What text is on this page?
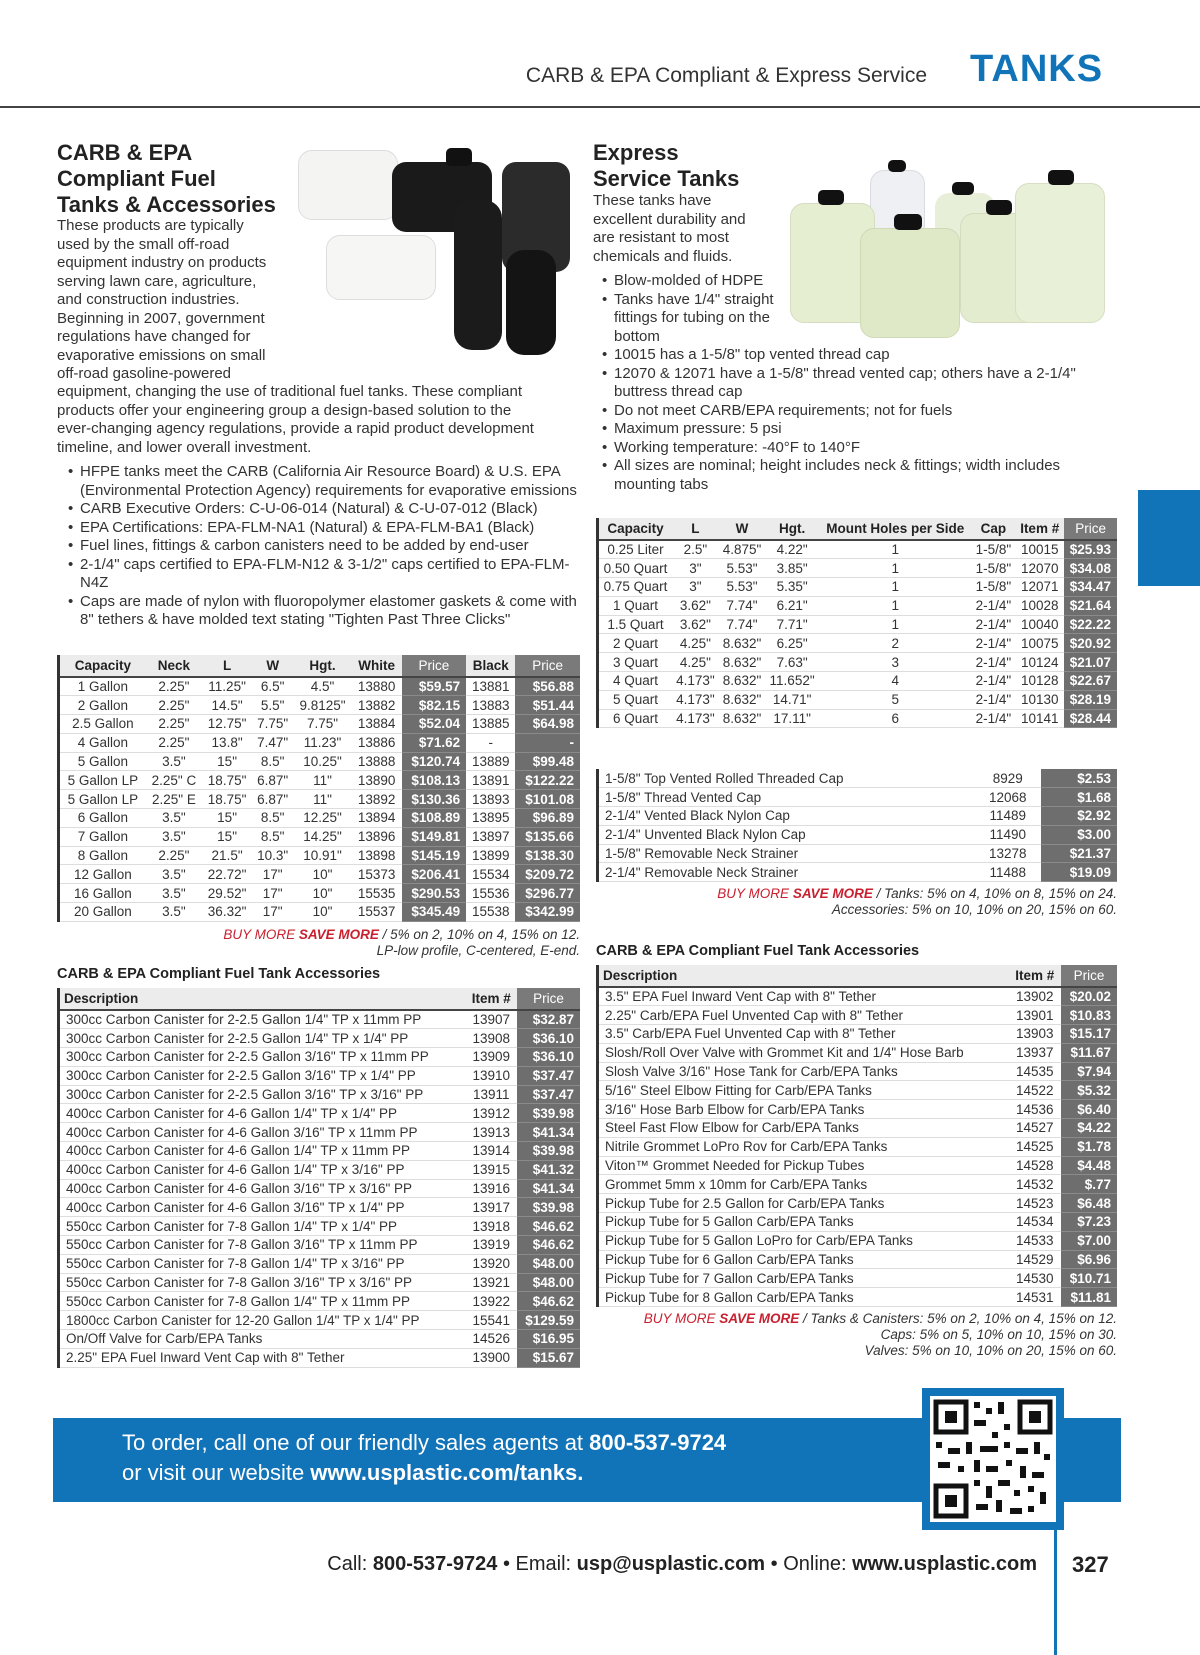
CARB & EPA Compliant & Express Service TANKS
CARB & EPA
Compliant Fuel
Tanks & Accessories
These products are typically
used by the small off-road
equipment industry on products
serving lawn care, agriculture,
and construction industries.
Beginning in 2007, government
regulations have changed for
evaporative emissions on small
off-road gasoline-powered
equipment, changing the use of traditional fuel tanks. These compliant
products offer your engineering group a design-based solution to the
ever-changing agency regulations, provide a rapid product development
timeline, and lower overall investment.
• HFPE tanks meet the CARB (California Air Resource Board) & U.S. EPA (Environmental Protection Agency) requirements for evaporative emissions
• CARB Executive Orders: C-U-06-014 (Natural) & C-U-07-012 (Black)
• EPA Certifications: EPA-FLM-NA1 (Natural) & EPA-FLM-BA1 (Black)
• Fuel lines, fittings & carbon canisters need to be added by end-user
• 2-1/4" caps certified to EPA-FLM-N12 & 3-1/2" caps certified to EPA-FLM-N4Z
• Caps are made of nylon with fluoropolymer elastomer gaskets & come with 8" tethers & have molded text stating "Tighten Past Three Clicks"
Capacity	Neck	L	W	Hgt.	White	Price	Black	Price
1 Gallon	2.25"	11.25"	6.5"	4.5"	13880	$59.57	13881	$56.88
2 Gallon	2.25"	14.5"	5.5"	9.8125"	13882	$82.15	13883	$51.44
2.5 Gallon	2.25"	12.75"	7.75"	7.75"	13884	$52.04	13885	$64.98
4 Gallon	2.25"	13.8"	7.47"	11.23"	13886	$71.62	-	-
5 Gallon	3.5"	15"	8.5"	10.25"	13888	$120.74	13889	$99.48
5 Gallon LP	2.25" C	18.75"	6.87"	11"	13890	$108.13	13891	$122.22
5 Gallon LP	2.25" E	18.75"	6.87"	11"	13892	$130.36	13893	$101.08
6 Gallon	3.5"	15"	8.5"	12.25"	13894	$108.89	13895	$96.89
7 Gallon	3.5"	15"	8.5"	14.25"	13896	$149.81	13897	$135.66
8 Gallon	2.25"	21.5"	10.3"	10.91"	13898	$145.19	13899	$138.30
12 Gallon	3.5"	22.72"	17"	10"	15373	$206.41	15534	$209.72
16 Gallon	3.5"	29.52"	17"	10"	15535	$290.53	15536	$296.77
20 Gallon	3.5"	36.32"	17"	10"	15537	$345.49	15538	$342.99
BUY MORE SAVE MORE / 5% on 2, 10% on 4, 15% on 12.
LP-low profile, C-centered, E-end.
CARB & EPA Compliant Fuel Tank Accessories
Description	Item #	Price
300cc Carbon Canister for 2-2.5 Gallon 1/4" TP x 11mm PP	13907	$32.87
300cc Carbon Canister for 2-2.5 Gallon 1/4" TP x 1/4" PP	13908	$36.10
300cc Carbon Canister for 2-2.5 Gallon 3/16" TP x 11mm PP	13909	$36.10
300cc Carbon Canister for 2-2.5 Gallon 3/16" TP x 1/4" PP	13910	$37.47
300cc Carbon Canister for 2-2.5 Gallon 3/16" TP x 3/16" PP	13911	$37.47
400cc Carbon Canister for 4-6 Gallon 1/4" TP x 1/4" PP	13912	$39.98
400cc Carbon Canister for 4-6 Gallon 3/16" TP x 11mm PP	13913	$41.34
400cc Carbon Canister for 4-6 Gallon 1/4" TP x 11mm PP	13914	$39.98
400cc Carbon Canister for 4-6 Gallon 1/4" TP x 3/16" PP	13915	$41.32
400cc Carbon Canister for 4-6 Gallon 3/16" TP x 3/16" PP	13916	$41.34
400cc Carbon Canister for 4-6 Gallon 3/16" TP x 1/4" PP	13917	$39.98
550cc Carbon Canister for 7-8 Gallon 1/4" TP x 1/4" PP	13918	$46.62
550cc Carbon Canister for 7-8 Gallon 3/16" TP x 11mm PP	13919	$46.62
550cc Carbon Canister for 7-8 Gallon 1/4" TP x 3/16" PP	13920	$48.00
550cc Carbon Canister for 7-8 Gallon 3/16" TP x 3/16" PP	13921	$48.00
550cc Carbon Canister for 7-8 Gallon 1/4" TP x 11mm PP	13922	$46.62
1800cc Carbon Canister for 12-20 Gallon 1/4" TP x 1/4" PP	15541	$129.59
On/Off Valve for Carb/EPA Tanks	14526	$16.95
2.25" EPA Fuel Inward Vent Cap with 8" Tether	13900	$15.67
Express
Service Tanks
These tanks have
excellent durability and
are resistant to most
chemicals and fluids.
• Blow-molded of HDPE
• Tanks have 1/4" straight fittings for tubing on the bottom
• 10015 has a 1-5/8" top vented thread cap
• 12070 & 12071 have a 1-5/8" thread vented cap; others have a 2-1/4" buttress thread cap
• Do not meet CARB/EPA requirements; not for fuels
• Maximum pressure: 5 psi
• Working temperature: -40°F to 140°F
• All sizes are nominal; height includes neck & fittings; width includes mounting tabs
Capacity	L	W	Hgt.	Mount Holes per Side	Cap	Item #	Price
0.25 Liter	2.5"	4.875"	4.22"	1	1-5/8"	10015	$25.93
0.50 Quart	3"	5.53"	3.85"	1	1-5/8"	12070	$34.08
0.75 Quart	3"	5.53"	5.35"	1	1-5/8"	12071	$34.47
1 Quart	3.62"	7.74"	6.21"	1	2-1/4"	10028	$21.64
1.5 Quart	3.62"	7.74"	7.71"	1	2-1/4"	10040	$22.22
2 Quart	4.25"	8.632"	6.25"	2	2-1/4"	10075	$20.92
3 Quart	4.25"	8.632"	7.63"	3	2-1/4"	10124	$21.07
4 Quart	4.173"	8.632"	11.652"	4	2-1/4"	10128	$22.67
5 Quart	4.173"	8.632"	14.71"	5	2-1/4"	10130	$28.19
6 Quart	4.173"	8.632"	17.11"	6	2-1/4"	10141	$28.44
1-5/8" Top Vented Rolled Threaded Cap	8929	$2.53
1-5/8" Thread Vented Cap	12068	$1.68
2-1/4" Vented Black Nylon Cap	11489	$2.92
2-1/4" Unvented Black Nylon Cap	11490	$3.00
1-5/8" Removable Neck Strainer	13278	$21.37
2-1/4" Removable Neck Strainer	11488	$19.09
BUY MORE SAVE MORE / Tanks: 5% on 4, 10% on 8, 15% on 24.
Accessories: 5% on 10, 10% on 20, 15% on 60.
CARB & EPA Compliant Fuel Tank Accessories
Description	Item #	Price
3.5" EPA Fuel Inward Vent Cap with 8" Tether	13902	$20.02
2.25" Carb/EPA Fuel Unvented Cap with 8" Tether	13901	$10.83
3.5" Carb/EPA Fuel Unvented Cap with 8" Tether	13903	$15.17
Slosh/Roll Over Valve with Grommet Kit and 1/4" Hose Barb	13937	$11.67
Slosh Valve 3/16" Hose Tank for Carb/EPA Tanks	14535	$7.94
5/16" Steel Elbow Fitting for Carb/EPA Tanks	14522	$5.32
3/16" Hose Barb Elbow for Carb/EPA Tanks	14536	$6.40
Steel Fast Flow Elbow for Carb/EPA Tanks	14527	$4.22
Nitrile Grommet LoPro Rov for Carb/EPA Tanks	14525	$1.78
Viton™ Grommet Needed for Pickup Tubes	14528	$4.48
Grommet 5mm x 10mm for Carb/EPA Tanks	14532	$.77
Pickup Tube for 2.5 Gallon for Carb/EPA Tanks	14523	$6.48
Pickup Tube for 5 Gallon Carb/EPA Tanks	14534	$7.23
Pickup Tube for 5 Gallon LoPro for Carb/EPA Tanks	14533	$7.00
Pickup Tube for 6 Gallon Carb/EPA Tanks	14529	$6.96
Pickup Tube for 7 Gallon Carb/EPA Tanks	14530	$10.71
Pickup Tube for 8 Gallon Carb/EPA Tanks	14531	$11.81
BUY MORE SAVE MORE / Tanks & Canisters: 5% on 2, 10% on 4, 15% on 12.
Caps: 5% on 5, 10% on 10, 15% on 30.
Valves: 5% on 10, 10% on 20, 15% on 60.
To order, call one of our friendly sales agents at 800-537-9724
or visit our website www.usplastic.com/tanks.
Call: 800-537-9724 • Email: usp@usplastic.com • Online: www.usplastic.com 327
